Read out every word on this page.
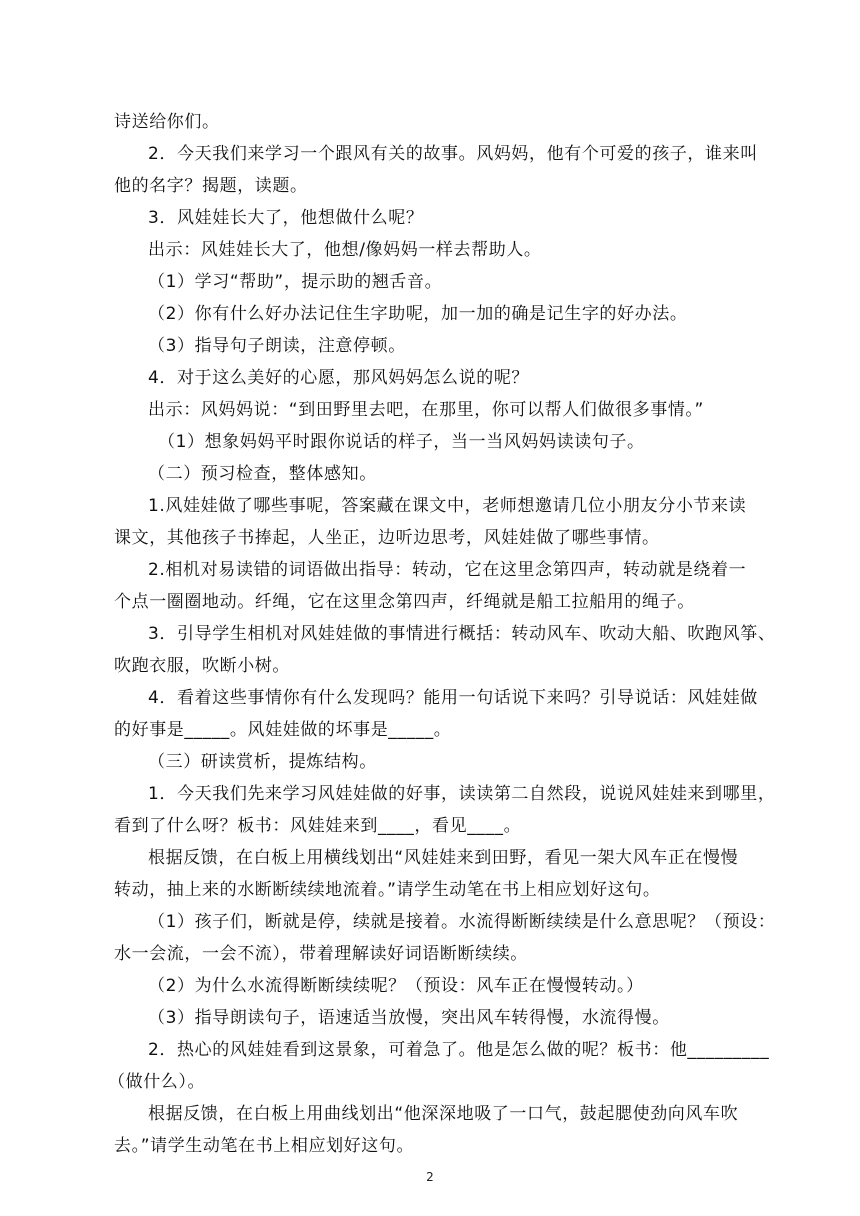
诗送给你们。
2．今天我们来学习一个跟风有关的故事。风妈妈，他有个可爱的孩子，谁来叫
他的名字？揭题，读题。
3．风娃娃长大了，他想做什么呢？
出示：风娃娃长大了，他想/像妈妈一样去帮助人。
（1）学习“帮助”，提示助的翘舌音。
（2）你有什么好办法记住生字助呢，加一加的确是记生字的好办法。
（3）指导句子朗读，注意停顿。
4．对于这么美好的心愿，那风妈妈怎么说的呢？
出示：风妈妈说：“到田野里去吧，在那里，你可以帮人们做很多事情。”
（1）想象妈妈平时跟你说话的样子，当一当风妈妈读读句子。
（二）预习检查，整体感知。
1.风娃娃做了哪些事呢，答案藏在课文中，老师想邀请几位小朋友分小节来读
课文，其他孩子书捧起，人坐正，边听边思考，风娃娃做了哪些事情。
2.相机对易读错的词语做出指导：转动，它在这里念第四声，转动就是绕着一
个点一圈圈地动。纤绳，它在这里念第四声，纤绳就是船工拉船用的绳子。
3．引导学生相机对风娃娃做的事情进行概括：转动风车、吹动大船、吹跑风筝、
吹跑衣服，吹断小树。
4．看着这些事情你有什么发现吗？能用一句话说下来吗？引导说话：风娃娃做
的好事是_____。风娃娃做的坏事是_____。
（三）研读赏析，提炼结构。
1．今天我们先来学习风娃娃做的好事，读读第二自然段，说说风娃娃来到哪里，
看到了什么呀？板书：风娃娃来到____，看见____。
根据反馈，在白板上用横线划出“风娃娃来到田野，看见一架大风车正在慢慢
转动，抽上来的水断断续续地流着。”请学生动笔在书上相应划好这句。
（1）孩子们，断就是停，续就是接着。水流得断断续续是什么意思呢？（预设：
水一会流，一会不流），带着理解读好词语断断续续。
（2）为什么水流得断断续续呢？（预设：风车正在慢慢转动。）
（3）指导朗读句子，语速适当放慢，突出风车转得慢，水流得慢。
2．热心的风娃娃看到这景象，可着急了。他是怎么做的呢？板书：他_________
（做什么）。
根据反馈，在白板上用曲线划出“他深深地吸了一口气，鼓起腮使劲向风车吹
去。”请学生动笔在书上相应划好这句。
2
